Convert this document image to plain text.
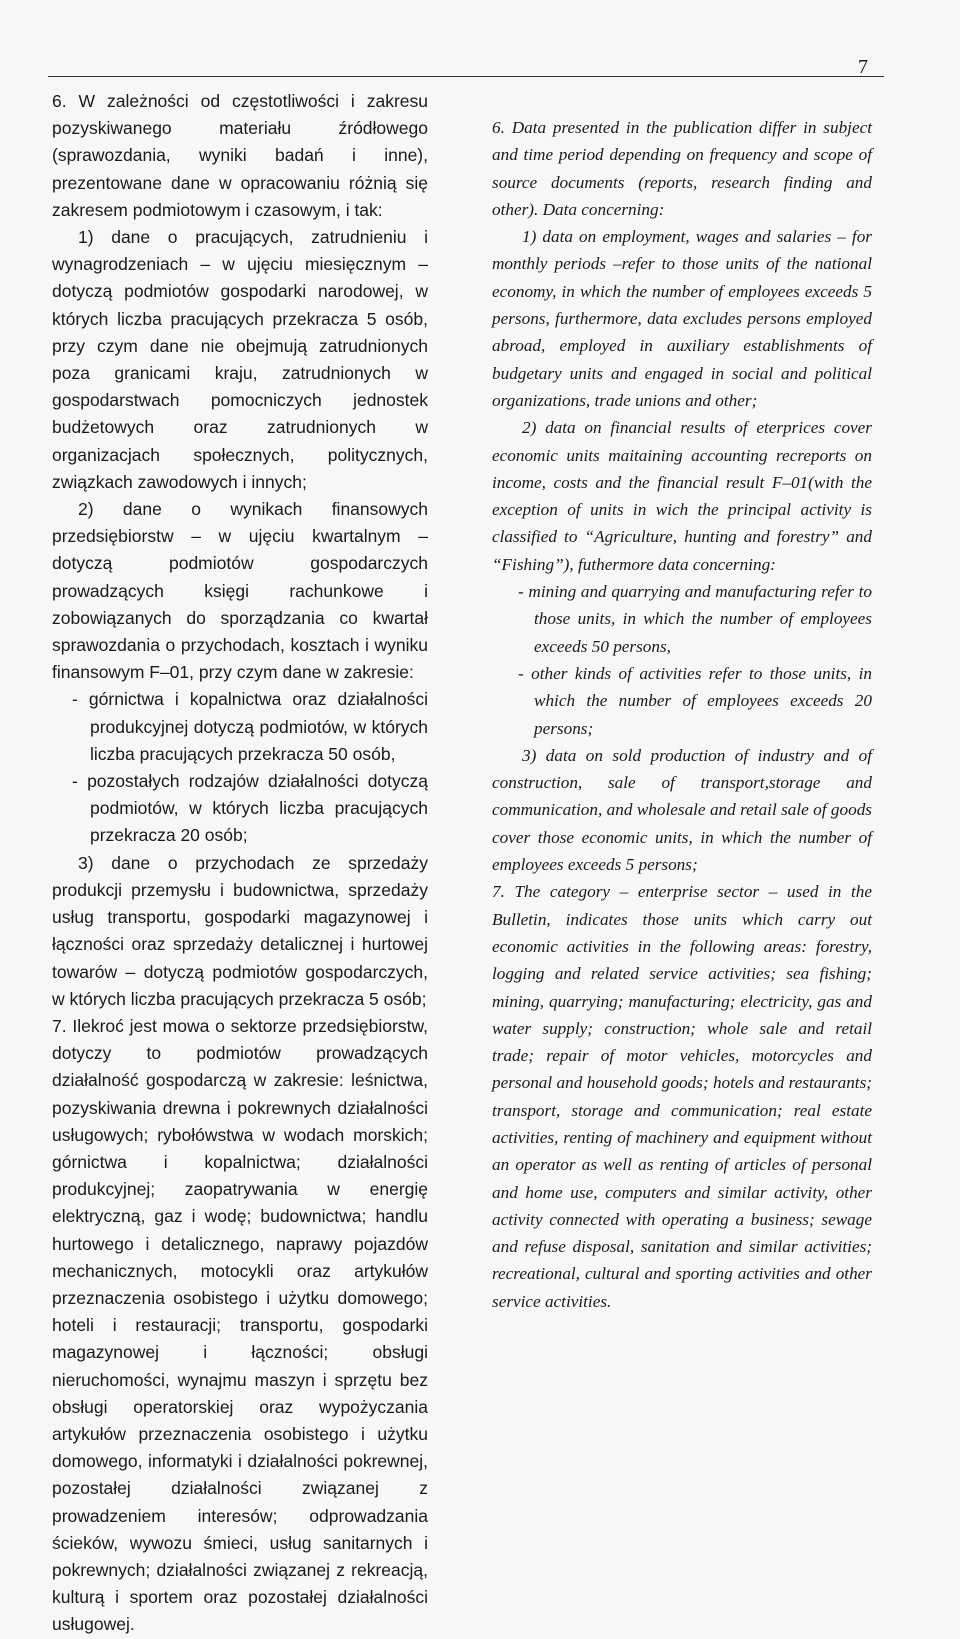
7

6. W zależności od częstotliwości i zakresu pozyskiwanego materiału źródłowego (sprawozdania, wyniki badań i inne), prezentowane dane w opracowaniu różnią się zakresem podmiotowym i czasowym, i tak:

1) dane o pracujących, zatrudnieniu i wynagrodzeniach – w ujęciu miesięcznym – dotyczą podmiotów gospodarki narodowej, w których liczba pracujących przekracza 5 osób, przy czym dane nie obejmują zatrudnionych poza granicami kraju, zatrudnionych w gospodarstwach pomocniczych jednostek budżetowych oraz zatrudnionych w organizacjach społecznych, politycznych, związkach zawodowych i innych;

2) dane o wynikach finansowych przedsiębiorstw – w ujęciu kwartalnym – dotyczą podmiotów gospodarczych prowadzących księgi rachunkowe i zobowiązanych do sporządzania co kwartał sprawozdania o przychodach, kosztach i wyniku finansowym F–01, przy czym dane w zakresie:

- górnictwa i kopalnictwa oraz działalności produkcyjnej dotyczą podmiotów, w których liczba pracujących przekracza 50 osób,

- pozostałych rodzajów działalności dotyczą podmiotów, w których liczba pracujących przekracza 20 osób;

3) dane o przychodach ze sprzedaży produkcji przemysłu i budownictwa, sprzedaży usług transportu, gospodarki magazynowej i łączności oraz sprzedaży detalicznej i hurtowej towarów – dotyczą podmiotów gospodarczych, w których liczba pracujących przekracza 5 osób;

7. Ilekroć jest mowa o sektorze przedsiębiorstw, dotyczy to podmiotów prowadzących działalność gospodarczą w zakresie: leśnictwa, pozyskiwania drewna i pokrewnych działalności usługowych; rybołówstwa w wodach morskich; górnictwa i kopalnictwa; działalności produkcyjnej; zaopatrywania w energię elektryczną, gaz i wodę; budownictwa; handlu hurtowego i detalicznego, naprawy pojazdów mechanicznych, motocykli oraz artykułów przeznaczenia osobistego i użytku domowego; hoteli i restauracji; transportu, gospodarki magazynowej i łączności; obsługi nieruchomości, wynajmu maszyn i sprzętu bez obsługi operatorskiej oraz wypożyczania artykułów przeznaczenia osobistego i użytku domowego, informatyki i działalności pokrewnej, pozostałej działalności związanej z prowadzeniem interesów; odprowadzania ścieków, wywozu śmieci, usług sanitarnych i pokrewnych; działalności związanej z rekreacją, kulturą i sportem oraz pozostałej działalności usługowej.

6. Data presented in the publication differ in subject and time period depending on frequency and scope of source documents (reports, research finding and other). Data concerning:

1) data on employment, wages and salaries – for monthly periods –refer to those units of the national economy, in which the number of employees exceeds 5 persons, furthermore, data excludes persons employed abroad, employed in auxiliary establishments of budgetary units and engaged in social and political organizations, trade unions and other;

2) data on financial results of eterprices cover economic units maitaining accounting recreports on income, costs and the financial result F–01(with the exception of units in wich the principal activity is classified to “Agriculture, hunting and forestry” and “Fishing”), futhermore data concerning:

- mining and quarrying and manufacturing refer to those units, in which the number of employees exceeds 50 persons,

- other kinds of activities refer to those units, in which the number of employees exceeds 20 persons;

3) data on sold production of industry and of construction, sale of transport,storage and communication, and wholesale and retail sale of goods cover those economic units, in which the number of employees exceeds 5 persons;

7. The category – enterprise sector – used in the Bulletin, indicates those units which carry out economic activities in the following areas: forestry, logging and related service activities; sea fishing; mining, quarrying; manufacturing; electricity, gas and water supply; construction; whole sale and retail trade; repair of motor vehicles, motorcycles and personal and household goods; hotels and restaurants; transport, storage and communication; real estate activities, renting of machinery and equipment without an operator as well as renting of articles of personal and home use, computers and similar activity, other activity connected with operating a business; sewage and refuse disposal, sanitation and similar activities; recreational, cultural and sporting activities and other service activities.
